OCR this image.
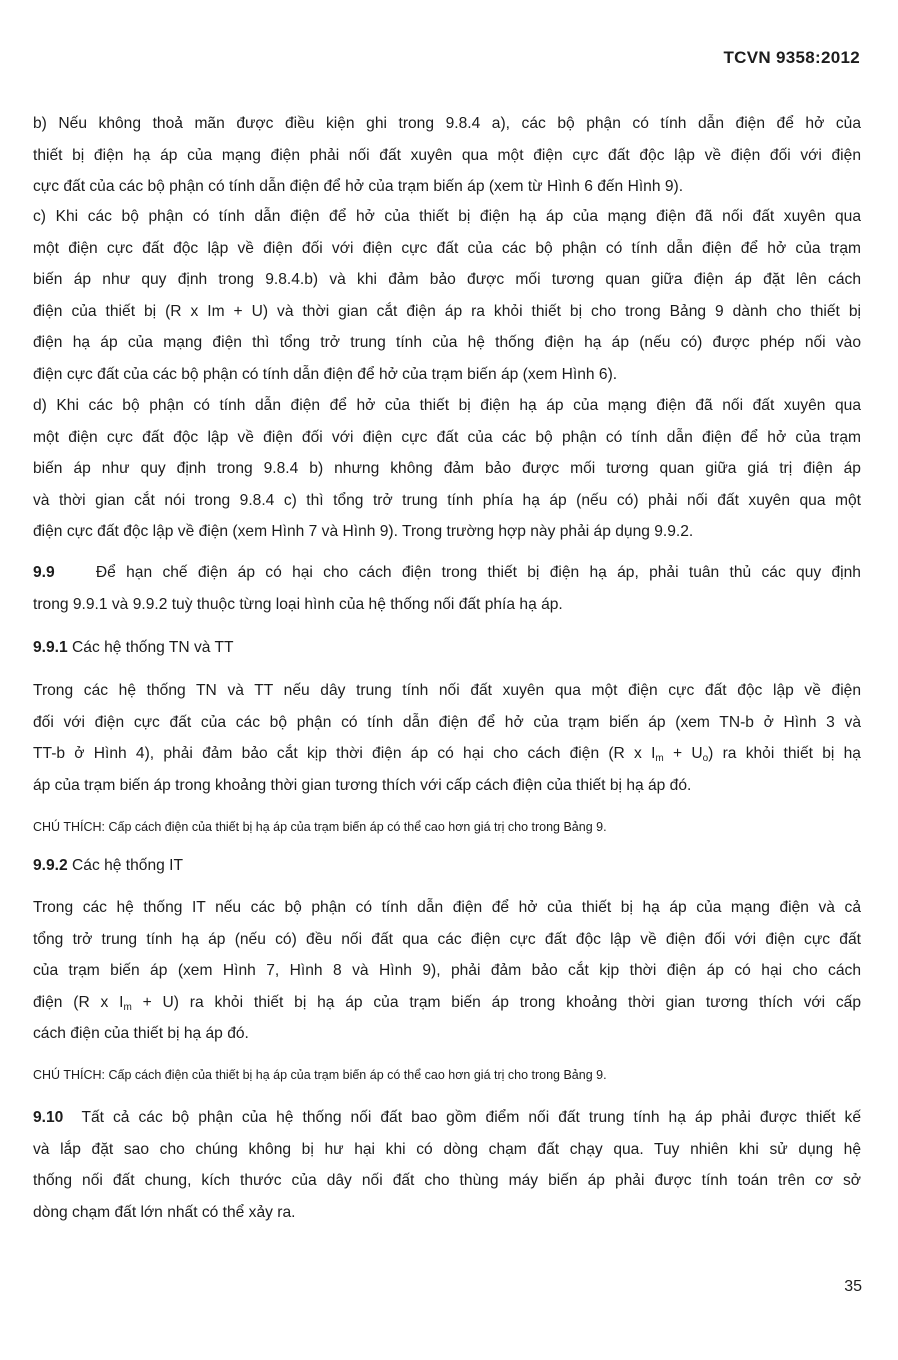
TCVN 9358:2012
b) Nếu không thoả mãn được điều kiện ghi trong 9.8.4 a), các bộ phận có tính dẫn điện để hở của
thiết bị điện hạ áp của mạng điện phải nối đất xuyên qua một điện cực đất độc lập về điện đối với điện
cực đất của các bộ phận có tính dẫn điện để hở của trạm biến áp (xem từ Hình 6 đến Hình 9).
c) Khi các bộ phận có tính dẫn điện để hở của thiết bị điện hạ áp của mạng điện đã nối đất xuyên qua
một điện cực đất độc lập về điện đối với điện cực đất của các bộ phận có tính dẫn điện để hở của trạm
biến áp như quy định trong 9.8.4.b) và khi đảm bảo được mối tương quan giữa điện áp đặt lên cách
điện của thiết bị (R x Im + U) và thời gian cắt điện áp ra khỏi thiết bị cho trong Bảng 9 dành cho thiết bị
điện hạ áp của mạng điện thì tổng trở trung tính của hệ thống điện hạ áp (nếu có) được phép nối vào
điện cực đất của các bộ phận có tính dẫn điện để hở của trạm biến áp (xem Hình 6).
d) Khi các bộ phận có tính dẫn điện để hở của thiết bị điện hạ áp của mạng điện đã nối đất xuyên qua
một điện cực đất độc lập về điện đối với điện cực đất của các bộ phận có tính dẫn điện để hở của trạm
biến áp như quy định trong 9.8.4 b) nhưng không đảm bảo được mối tương quan giữa giá trị điện áp
và thời gian cắt nói trong 9.8.4 c) thì tổng trở trung tính phía hạ áp (nếu có) phải nối đất xuyên qua một
điện cực đất độc lập về điện (xem Hình 7 và Hình 9). Trong trường hợp này phải áp dụng 9.9.2.
9.9	Để hạn chế điện áp có hại cho cách điện trong thiết bị điện hạ áp, phải tuân thủ các quy định
trong 9.9.1 và 9.9.2 tuỳ thuộc từng loại hình của hệ thống nối đất phía hạ áp.
9.9.1 Các hệ thống TN và TT
Trong các hệ thống TN và TT nếu dây trung tính nối đất xuyên qua một điện cực đất độc lập về điện
đối với điện cực đất của các bộ phận có tính dẫn điện để hở của trạm biến áp (xem TN-b ở Hình 3 và
TT-b ở Hình 4), phải đảm bảo cắt kịp thời điện áp có hại cho cách điện (R x $I_m + U_o$) ra khỏi thiết bị hạ
áp của trạm biến áp trong khoảng thời gian tương thích với cấp cách điện của thiết bị hạ áp đó.
CHÚ THÍCH: Cấp cách điện của thiết bị hạ áp của trạm biến áp có thể cao hơn giá trị cho trong Bảng 9.
9.9.2 Các hệ thống IT
Trong các hệ thống IT nếu các bộ phận có tính dẫn điện để hở của thiết bị hạ áp của mạng điện và cả
tổng trở trung tính hạ áp (nếu có) đều nối đất qua các điện cực đất độc lập về điện đối với điện cực đất
của trạm biến áp (xem Hình 7, Hình 8 và Hình 9), phải đảm bảo cắt kịp thời điện áp có hại cho cách
điện (R x $I_m + U$) ra khỏi thiết bị hạ áp của trạm biến áp trong khoảng thời gian tương thích với cấp
cách điện của thiết bị hạ áp đó.
CHÚ THÍCH: Cấp cách điện của thiết bị hạ áp của trạm biến áp có thể cao hơn giá trị cho trong Bảng 9.
9.10 Tất cả các bộ phận của hệ thống nối đất bao gồm điểm nối đất trung tính hạ áp phải được thiết kế
và lắp đặt sao cho chúng không bị hư hại khi có dòng chạm đất chạy qua. Tuy nhiên khi sử dụng hệ
thống nối đất chung, kích thước của dây nối đất cho thùng máy biến áp phải được tính toán trên cơ sở
dòng chạm đất lớn nhất có thể xảy ra.
35
